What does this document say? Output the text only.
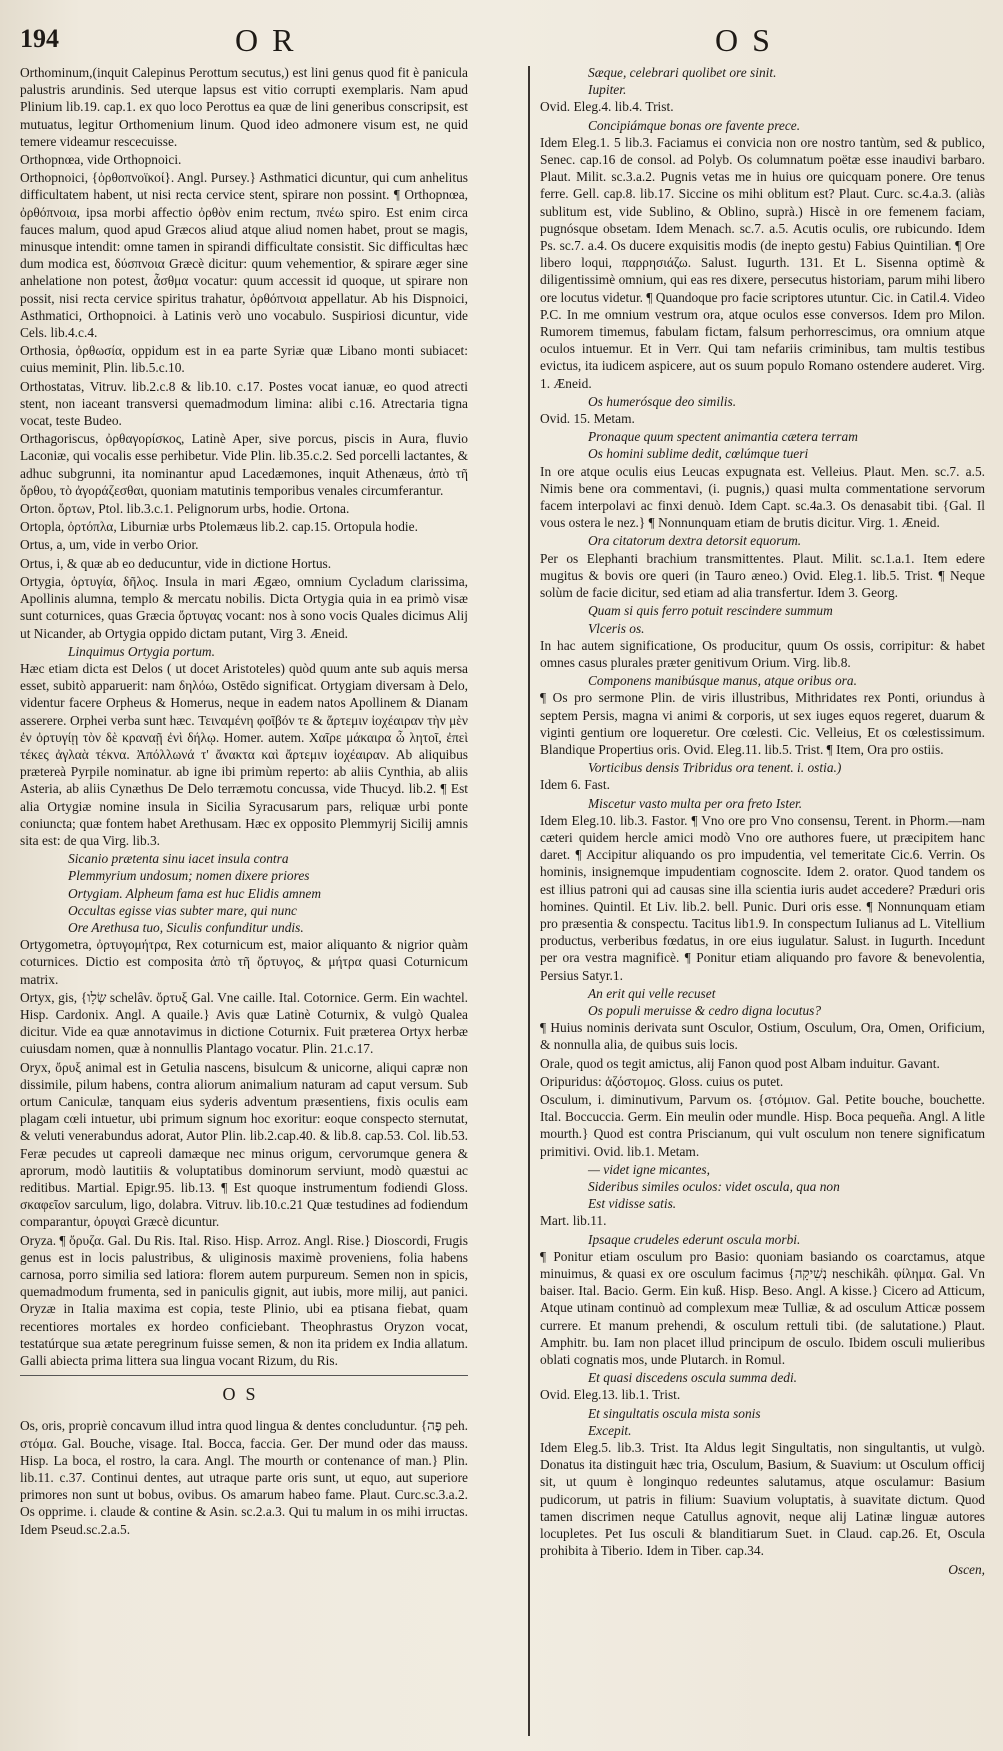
194	OR	OS

Orthominum,(inquit Calepinus Perottum secutus,) est lini genus quod fit è panicula palustris arundinis. Sed uterque lapsus est vitio corrupti exemplaris. Nam apud Plinium lib.19. cap.1. ex quo loco Perottus ea quæ de lini generibus conscripsit, est mutuatus, legitur Orthomenium linum. Quod ideo admonere visum est, ne quid temere videamur rescecuisse.

Orthopnœa, vide Orthopnoici.

Orthopnoici, {ὀρθοπνοϊκοί}. Angl. Pursey.} Asthmatici dicuntur, qui cum anhelitus difficultatem habent, ut nisi recta cervice stent, spirare non possint. ¶ Orthopnœa, ὀρθόπνοια, ipsa morbi affectio ὀρθὸν enim rectum, πνέω spiro. Est enim circa fauces malum, quod apud Græcos aliud atque aliud nomen habet, prout se magis, minusque intendit: omne tamen in spirandi difficultate consistit. Sic difficultas hæc dum modica est, δύσπνοια Græcè dicitur: quum vehementior, & spirare æger sine anhelatione non potest, ἆσθμα vocatur: quum accessit id quoque, ut spirare non possit, nisi recta cervice spiritus trahatur, ὀρθόπνοια appellatur. Ab his Dispnoici, Asthmatici, Orthopnoici. à Latinis verò uno vocabulo. Suspiriosi dicuntur, vide Cels. lib.4.c.4.

Orthosia, ὀρθωσία, oppidum est in ea parte Syriæ quæ Libano monti subiacet: cuius meminit, Plin. lib.5.c.10.

Orthostatas, Vitruv. lib.2.c.8 & lib.10. c.17. Postes vocat ianuæ, eo quod atrecti stent, non iaceant transversi quemadmodum limina: alibi c.16. Atrectaria tigna vocat, teste Budeo.

Orthagoriscus, ὀρθαγορίσκος, Latinè Aper, sive porcus, piscis in Aura, fluvio Laconiæ, qui vocalis esse perhibetur. Vide Plin. lib.35.c.2. Sed porcelli lactantes, & adhuc subgrunni, ita nominantur apud Lacedæmones, inquit Athenæus, ἀπὸ τῆ ὄρθου, τὸ ἀγοράζεσθαι, quoniam matutinis temporibus venales circumferantur.

Orton. ὄρτων, Ptol. lib.3.c.1. Pelignorum urbs, hodie. Ortona.

Ortopla, ὀρτόπλα, Liburniæ urbs Ptolemæus lib.2. cap.15. Ortopula hodie.

Ortus, a, um, vide in verbo Orior.

Ortus, i, & quæ ab eo deducuntur, vide in dictione Hortus.

Ortygia, ὀρτυγία, δῆλος. Insula in mari Ægæo, omnium Cycladum clarissima, Apollinis alumna, templo & mercatu nobilis. Dicta Ortygia quia in ea primò visæ sunt coturnices, quas Græcia ὄρτυγας vocant: nos à sono vocis Quales dicimus Alij ut Nicander, ab Ortygia oppido dictam putant, Virg 3. Æneid.

Linquimus Ortygia portum.

Hæc etiam dicta est Delos ( ut docet Aristoteles) quòd quum ante sub aquis mersa esset, subitò apparuerit: nam δηλόω, Ostēdo significat. Ortygiam diversam à Delo, videntur facere Orpheus & Homerus, neque in eadem natos Apollinem & Dianam asserere. Orphei verba sunt hæc. Τειναμένη φοῖβόν τε & ἄρτεμιν ἰοχέαιραν τὴν μὲν ἐν ὀρτυγίῃ τὸν δὲ κραναῇ ἐνὶ δήλῳ. Homer. autem. Χαῖρε μάκαιρα ὦ λητοῖ, ἐπεὶ τέκες ἀγλαὰ τέκνα. Ἀπόλλωνά τ' ἄνακτα καὶ ἄρτεμιν ἰοχέαιραν. Ab aliquibus prætereà Pyrpile nominatur. ab igne ibi primùm reperto: ab aliis Cynthia, ab aliis Asteria, ab aliis Cynæthus De Delo terræmotu concussa, vide Thucyd. lib.2. ¶ Est alia Ortygiæ nomine insula in Sicilia Syracusarum pars, reliquæ urbi ponte coniuncta; quæ fontem habet Arethusam. Hæc ex opposito Plemmyrij Sicilij amnis sita est: de qua Virg. lib.3.

Sicanio prætenta sinu iacet insula contra

Plemmyrium undosum; nomen dixere priores

Ortygiam. Alpheum fama est huc Elidis amnem

Occultas egisse vias subter mare, qui nunc

Ore Arethusa tuo, Siculis confunditur undis.

Ortygometra, ὀρτυγομήτρα, Rex coturnicum est, maior aliquanto & nigrior quàm coturnices. Dictio est composita ἀπὸ τῆ ὄρτυγος, & μήτρα quasi Coturnicum matrix.

Ortyx, gis, {שְׂלָו schelâv. ὄρτυξ Gal. Vne caille. Ital. Cotornice. Germ. Ein wachtel. Hisp. Cardonix. Angl. A quaile.} Avis quæ Latinè Coturnix, & vulgò Qualea dicitur. Vide ea quæ annotavimus in dictione Coturnix. Fuit præterea Ortyx herbæ cuiusdam nomen, quæ à nonnullis Plantago vocatur. Plin. 21.c.17.

Oryx, ὄρυξ animal est in Getulia nascens, bisulcum & unicorne, aliqui capræ non dissimile, pilum habens, contra aliorum animalium naturam ad caput versum. Sub ortum Caniculæ, tanquam eius syderis adventum præsentiens, fixis oculis eam plagam cœli intuetur, ubi primum signum hoc exoritur: eoque conspecto sternutat, & veluti venerabundus adorat, Autor Plin. lib.2.cap.40. & lib.8. cap.53. Col. lib.53. Feræ pecudes ut capreoli damæque nec minus origum, cervorumque genera & aprorum, modò lautitiis & voluptatibus dominorum serviunt, modò quæstui ac reditibus. Martial. Epigr.95. lib.13. ¶ Est quoque instrumentum fodiendi Gloss. σκαφεῖον sarculum, ligo, dolabra. Vitruv. lib.10.c.21 Quæ testudines ad fodiendum comparantur, ὀρυγαὶ Græcè dicuntur.

Oryza. ¶ ὄρυζα. Gal. Du Ris. Ital. Riso. Hisp. Arroz. Angl. Rise.} Dioscordi, Frugis genus est in locis palustribus, & uliginosis maximè proveniens, folia habens carnosa, porro similia sed latiora: florem autem purpureum. Semen non in spicis, quemadmodum frumenta, sed in paniculis gignit, aut iubis, more milij, aut panici. Oryzæ in Italia maxima est copia, teste Plinio, ubi ea ptisana fiebat, quam recentiores mortales ex hordeo conficiebant. Theophrastus Oryzon vocat, testatúrque sua ætate peregrinum fuisse semen, & non ita pridem ex India allatum. Galli abiecta prima littera sua lingua vocant Rizum, du Ris.

OS

Os, oris, propriè concavum illud intra quod lingua & dentes concluduntur. {פֶּה peh. στόμα. Gal. Bouche, visage. Ital. Bocca, faccia. Ger. Der mund oder das mauss. Hisp. La boca, el rostro, la cara. Angl. The mourth or contenance of man.} Plin. lib.11. c.37. Continui dentes, aut utraque parte oris sunt, ut equo, aut superiore primores non sunt ut bobus, ovibus. Os amarum habeo fame. Plaut. Curc.sc.3.a.2. Os opprime. i. claude & contine & Asin. sc.2.a.3. Qui tu malum in os mihi irructas. Idem Pseud.sc.2.a.5.

Sæque, celebrari quolibet ore sinit.

Iupiter.

Ovid. Eleg.4. lib.4. Trist.

Concipiámque bonas ore favente prece.

Idem Eleg.1. 5 lib.3. Faciamus ei convicia non ore nostro tantùm, sed & publico, Senec. cap.16 de consol. ad Polyb. Os columnatum poëtæ esse inaudivi barbaro. Plaut. Milit. sc.3.a.2. Pugnis vetas me in huius ore quicquam ponere. Ore tenus ferre. Gell. cap.8. lib.17. Siccine os mihi oblitum est? Plaut. Curc. sc.4.a.3. (aliàs sublitum est, vide Sublino, & Oblino, suprà.) Hiscè in ore femenem faciam, pugnósque obsetam. Idem Menach. sc.7. a.5. Acutis oculis, ore rubicundo. Idem Ps. sc.7. a.4. Os ducere exquisitis modis (de inepto gestu) Fabius Quintilian. ¶ Ore libero loqui, παρρησιάζω. Salust. Iugurth. 131. Et L. Sisenna optimè & diligentissimè omnium, qui eas res dixere, persecutus historiam, parum mihi libero ore locutus videtur. ¶ Quandoque pro facie scriptores utuntur. Cic. in Catil.4. Video P.C. In me omnium vestrum ora, atque oculos esse conversos. Idem pro Milon. Rumorem timemus, fabulam fictam, falsum perhorrescimus, ora omnium atque oculos intuemur. Et in Verr. Qui tam nefariis criminibus, tam multis testibus evictus, ita iudicem aspicere, aut os suum populo Romano ostendere auderet. Virg. 1. Æneid.

Os humerósque deo similis.

Ovid. 15. Metam.

Pronaque quum spectent animantia cætera terram

Os homini sublime dedit, cœlúmque tueri

In ore atque oculis eius Leucas expugnata est. Velleius. Plaut. Men. sc.7. a.5. Nimis bene ora commentavi, (i. pugnis,) quasi multa commentatione servorum facem interpolavi ac finxi denuò. Idem Capt. sc.4a.3. Os denasabit tibi. {Gal. Il vous ostera le nez.} ¶ Nonnunquam etiam de brutis dicitur. Virg. 1. Æneid.

Ora citatorum dextra detorsit equorum.

Per os Elephanti brachium transmittentes. Plaut. Milit. sc.1.a.1. Item edere mugitus & bovis ore queri (in Tauro æneo.) Ovid. Eleg.1. lib.5. Trist. ¶ Neque solùm de facie dicitur, sed etiam ad alia transfertur. Idem 3. Georg.

Quam si quis ferro potuit rescindere summum

Vlceris os.

In hac autem significatione, Os producitur, quum Os ossis, corripitur: & habet omnes casus plurales præter genitivum Orium. Virg. lib.8.

Componens manibúsque manus, atque oribus ora.

¶ Os pro sermone Plin. de viris illustribus, Mithridates rex Ponti, oriundus à septem Persis, magna vi animi & corporis, ut sex iuges equos regeret, duarum & viginti gentium ore loqueretur. Ore cœlesti. Cic. Velleius, Et os cœlestissimum. Blandique Propertius oris. Ovid. Eleg.11. lib.5. Trist. ¶ Item, Ora pro ostiis.

Vorticibus densis Tribridus ora tenent. i. ostia.)

Idem 6. Fast.

Miscetur vasto multa per ora freto Ister.

Idem Eleg.10. lib.3. Fastor. ¶ Vno ore pro Vno consensu, Terent. in Phorm.—nam cæteri quidem hercle amici modò Vno ore authores fuere, ut præcipitem hanc daret. ¶ Accipitur aliquando os pro impudentia, vel temeritate Cic.6. Verrin. Os hominis, insignemque impudentiam cognoscite. Idem 2. orator. Quod tandem os est illius patroni qui ad causas sine illa scientia iuris audet accedere? Præduri oris homines. Quintil. Et Liv. lib.2. bell. Punic. Duri oris esse. ¶ Nonnunquam etiam pro præsentia & conspectu. Tacitus lib1.9. In conspectum Iulianus ad L. Vitellium productus, verberibus fœdatus, in ore eius iugulatur. Salust. in Iugurth. Incedunt per ora vestra magnificè. ¶ Ponitur etiam aliquando pro favore & benevolentia, Persius Satyr.1.

An erit qui velle recuset

Os populi meruisse & cedro digna locutus?

¶ Huius nominis derivata sunt Osculor, Ostium, Osculum, Ora, Omen, Orificium, & nonnulla alia, de quibus suis locis.

Orale, quod os tegit amictus, alij Fanon quod post Albam induitur. Gavant.

Oripuridus: ἀζόστομος. Gloss. cuius os putet.

Osculum, i. diminutivum, Parvum os. {στόμιον. Gal. Petite bouche, bouchette. Ital. Boccuccia. Germ. Ein meulin oder mundle. Hisp. Boca pequeña. Angl. A litle mourth.} Quod est contra Priscianum, qui vult osculum non tenere significatum primitivi. Ovid. lib.1. Metam.

— videt igne micantes,

Sideribus similes oculos: videt oscula, qua non

Est vidisse satis.

Mart. lib.11.

Ipsaque crudeles ederunt oscula morbi.

¶ Ponitur etiam osculum pro Basio: quoniam basiando os coarctamus, atque minuimus, & quasi ex ore osculum facimus {נְשִׁיקָה neschikâh. φίλημα. Gal. Vn baiser. Ital. Bacio. Germ. Ein kuß. Hisp. Beso. Angl. A kisse.} Cicero ad Atticum, Atque utinam continuò ad complexum meæ Tulliæ, & ad osculum Atticæ possem currere. Et manum prehendi, & osculum rettuli tibi. (de salutatione.) Plaut. Amphitr. bu. Iam non placet illud principum de osculo. Ibidem osculi mulieribus oblati cognatis mos, unde Plutarch. in Romul.

Et quasi discedens oscula summa dedi.

Ovid. Eleg.13. lib.1. Trist.

Et singultatis oscula mista sonis

Excepit.

Idem Eleg.5. lib.3. Trist. Ita Aldus legit Singultatis, non singultantis, ut vulgò. Donatus ita distinguit hæc tria, Osculum, Basium, & Suavium: ut Osculum officij sit, ut quum è longinquo redeuntes salutamus, atque osculamur: Basium pudicorum, ut patris in filium: Suavium voluptatis, à suavitate dictum. Quod tamen discrimen neque Catullus agnovit, neque alij Latinæ linguæ autores locupletes. Pet Ius osculi & blanditiarum Suet. in Claud. cap.26. Et, Oscula prohibita à Tiberio. Idem in Tiber. cap.34.

Oscen,
